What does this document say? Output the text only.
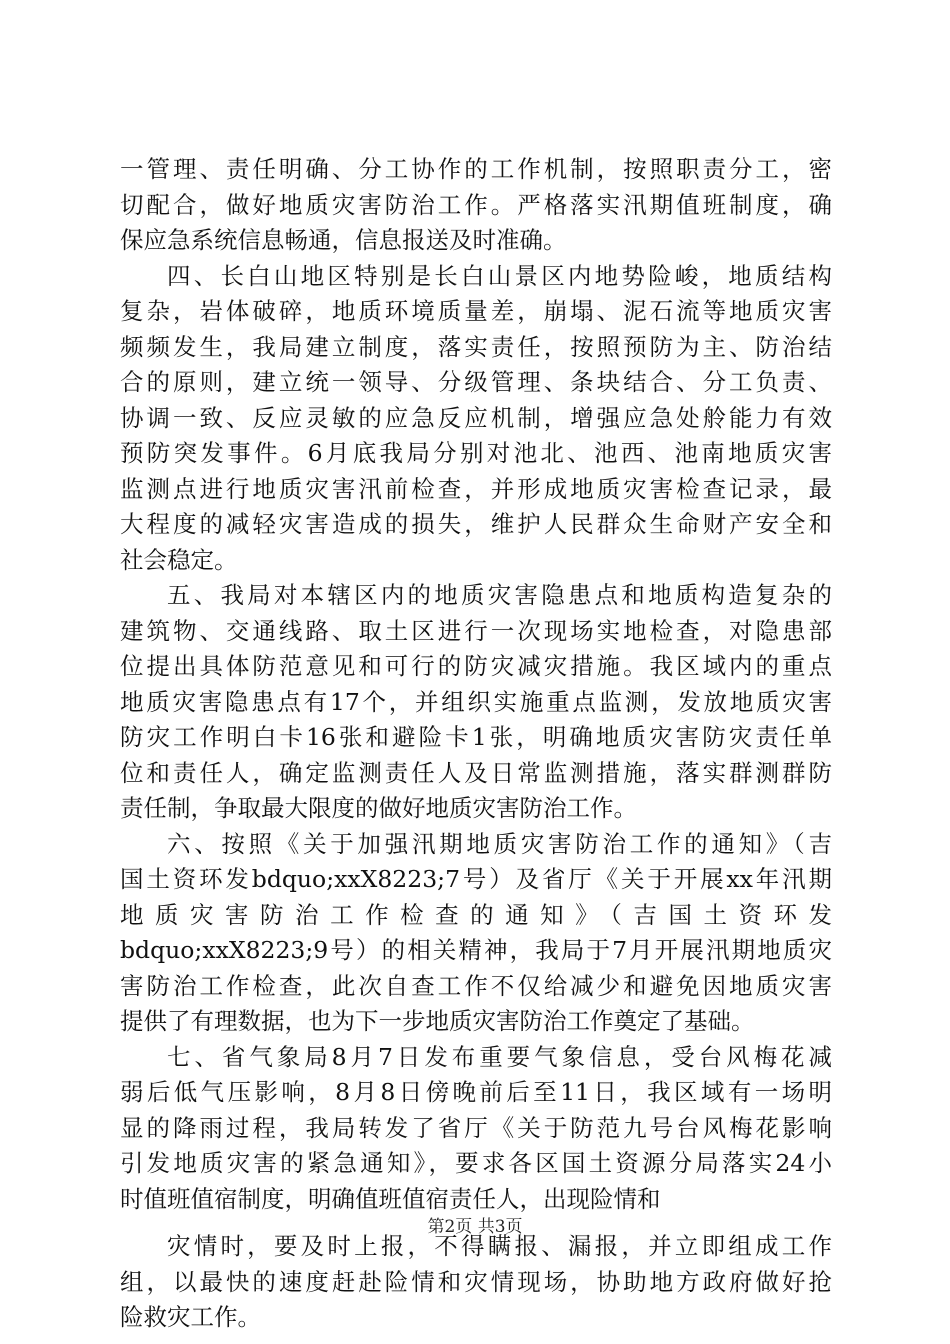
一管理、责任明确、分工协作的工作机制，按照职责分工，密
切配合，做好地质灾害防治工作。严格落实汛期值班制度，确
保应急系统信息畅通，信息报送及时准确。
四、长白山地区特别是长白山景区内地势险峻，地质结构
复杂，岩体破碎，地质环境质量差，崩塌、泥石流等地质灾害
频频发生，我局建立制度，落实责任，按照预防为主、防治结
合的原则，建立统一领导、分级管理、条块结合、分工负责、
协调一致、反应灵敏的应急反应机制，增强应急处舲能力有效
预防突发事件。6月底我局分别对池北、池西、池南地质灾害
监测点进行地质灾害汛前检查，并形成地质灾害检查记录，最
大程度的减轻灾害造成的损失，维护人民群众生命财产安全和
社会稳定。
五、我局对本辖区内的地质灾害隐患点和地质构造复杂的
建筑物、交通线路、取土区进行一次现场实地检查，对隐患部
位提出具体防范意见和可行的防灾减灾措施。我区域内的重点
地质灾害隐患点有17个，并组织实施重点监测，发放地质灾害
防灾工作明白卡16张和避险卡1张，明确地质灾害防灾责任单
位和责任人，确定监测责任人及日常监测措施，落实群测群防
责任制，争取最大限度的做好地质灾害防治工作。
六、按照《关于加强汛期地质灾害防治工作的通知》（吉
国土资环发bdquo;xxX8223;7号）及省厅《关于开展xx年汛期
地质灾害防治工作检查的通知》（吉国土资环发
bdquo;xxX8223;9号）的相关精神，我局于7月开展汛期地质灾
害防治工作检查，此次自查工作不仅给减少和避免因地质灾害
提供了有理数据，也为下一步地质灾害防治工作奠定了基础。
七、省气象局8月7日发布重要气象信息，受台风梅花减
弱后低气压影响，8月8日傍晚前后至11日，我区域有一场明
显的降雨过程，我局转发了省厅《关于防范九号台风梅花影响
引发地质灾害的紧急通知》，要求各区国土资源分局落实24小
时值班值宿制度，明确值班值宿责任人，出现险情和
灾情时，要及时上报，不得瞒报、漏报，并立即组成工作
组，以最快的速度赶赴险情和灾情现场，协助地方政府做好抢
险救灾工作。
第2页 共3页
